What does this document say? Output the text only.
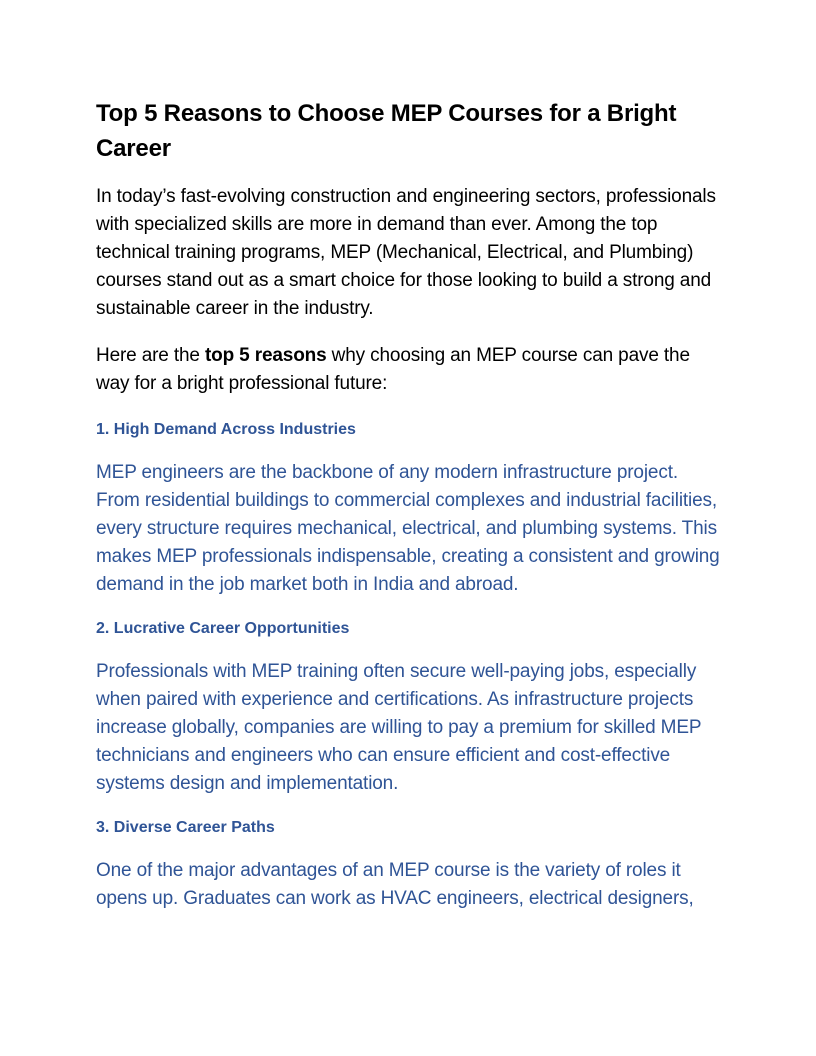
Top 5 Reasons to Choose MEP Courses for a Bright Career

In today’s fast-evolving construction and engineering sectors, professionals with specialized skills are more in demand than ever. Among the top technical training programs, MEP (Mechanical, Electrical, and Plumbing) courses stand out as a smart choice for those looking to build a strong and sustainable career in the industry.

Here are the top 5 reasons why choosing an MEP course can pave the way for a bright professional future:

1. High Demand Across Industries

MEP engineers are the backbone of any modern infrastructure project. From residential buildings to commercial complexes and industrial facilities, every structure requires mechanical, electrical, and plumbing systems. This makes MEP professionals indispensable, creating a consistent and growing demand in the job market both in India and abroad.

2. Lucrative Career Opportunities

Professionals with MEP training often secure well-paying jobs, especially when paired with experience and certifications. As infrastructure projects increase globally, companies are willing to pay a premium for skilled MEP technicians and engineers who can ensure efficient and cost-effective systems design and implementation.

3. Diverse Career Paths

One of the major advantages of an MEP course is the variety of roles it opens up. Graduates can work as HVAC engineers, electrical designers,
